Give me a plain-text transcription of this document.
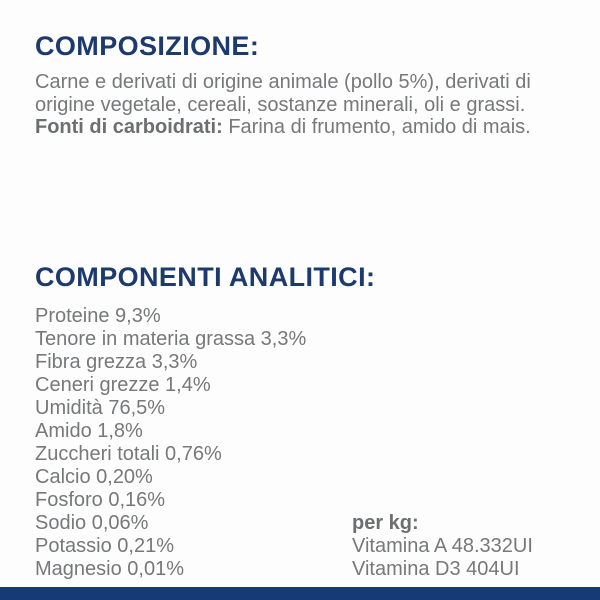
COMPOSIZIONE:

Carne e derivati di origine animale (pollo 5%), derivati di origine vegetale, cereali, sostanze minerali, oli e grassi.

Fonti di carboidrati: Farina di frumento, amido di mais.

COMPONENTI ANALITICI:
Proteine 9,3%
Tenore in materia grassa 3,3%
Fibra grezza 3,3%
Ceneri grezze 1,4%
Umidità 76,5%
Amido 1,8%
Zuccheri totali 0,76%
Calcio 0,20%
Fosforo 0,16%
Sodio 0,06%
Potassio 0,21%
Magnesio 0,01%
per kg:
Vitamina A 48.332UI
Vitamina D3 404UI
